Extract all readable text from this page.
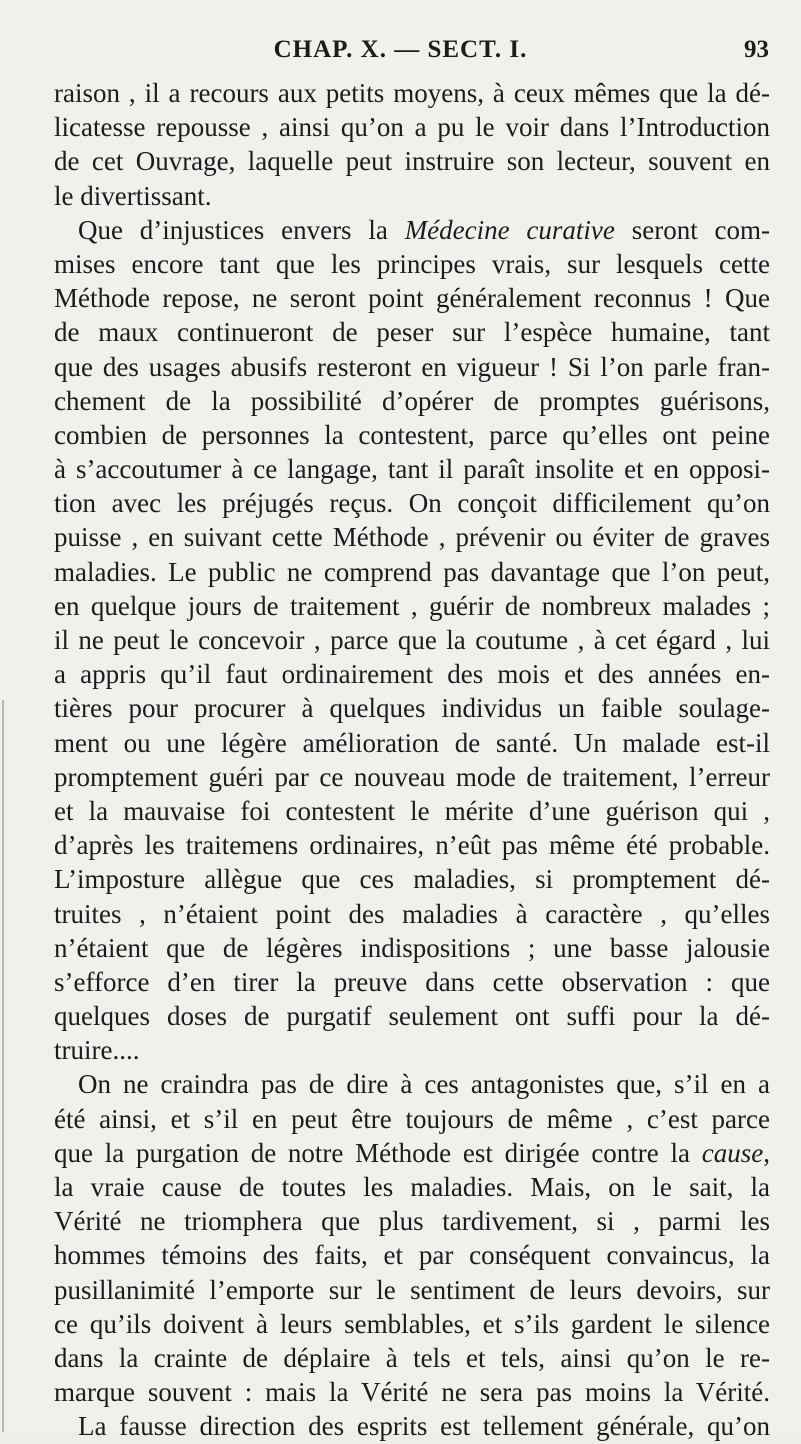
CHAP. X. — SECT. I.	93
raison , il a recours aux petits moyens, à ceux mêmes que la dé-
licatesse repousse , ainsi qu’on a pu le voir dans l’Introduction
de cet Ouvrage, laquelle peut instruire son lecteur, souvent en
le divertissant.
Que d’injustices envers la Médecine curative seront com-
mises encore tant que les principes vrais, sur lesquels cette
Méthode repose, ne seront point généralement reconnus ! Que
de maux continueront de peser sur l’espèce humaine, tant
que des usages abusifs resteront en vigueur ! Si l’on parle fran-
chement de la possibilité d’opérer de promptes guérisons,
combien de personnes la contestent, parce qu’elles ont peine
à s’accoutumer à ce langage, tant il paraît insolite et en opposi-
tion avec les préjugés reçus. On conçoit difficilement qu’on
puisse , en suivant cette Méthode , prévenir ou éviter de graves
maladies. Le public ne comprend pas davantage que l’on peut,
en quelque jours de traitement , guérir de nombreux malades ;
il ne peut le concevoir , parce que la coutume , à cet égard , lui
a appris qu’il faut ordinairement des mois et des années en-
tières pour procurer à quelques individus un faible soulage-
ment ou une légère amélioration de santé. Un malade est-il
promptement guéri par ce nouveau mode de traitement, l’erreur
et la mauvaise foi contestent le mérite d’une guérison qui ,
d’après les traitemens ordinaires, n’eût pas même été probable.
L’imposture allègue que ces maladies, si promptement dé-
truites , n’étaient point des maladies à caractère , qu’elles
n’étaient que de légères indispositions ; une basse jalousie
s’efforce d’en tirer la preuve dans cette observation : que
quelques doses de purgatif seulement ont suffi pour la dé-
truire....
On ne craindra pas de dire à ces antagonistes que, s’il en a
été ainsi, et s’il en peut être toujours de même , c’est parce
que la purgation de notre Méthode est dirigée contre la cause,
la vraie cause de toutes les maladies. Mais, on le sait, la
Vérité ne triomphera que plus tardivement, si , parmi les
hommes témoins des faits, et par conséquent convaincus, la
pusillanimité l’emporte sur le sentiment de leurs devoirs, sur
ce qu’ils doivent à leurs semblables, et s’ils gardent le silence
dans la crainte de déplaire à tels et tels, ainsi qu’on le re-
marque souvent : mais la Vérité ne sera pas moins la Vérité.
La fausse direction des esprits est tellement générale, qu’on
